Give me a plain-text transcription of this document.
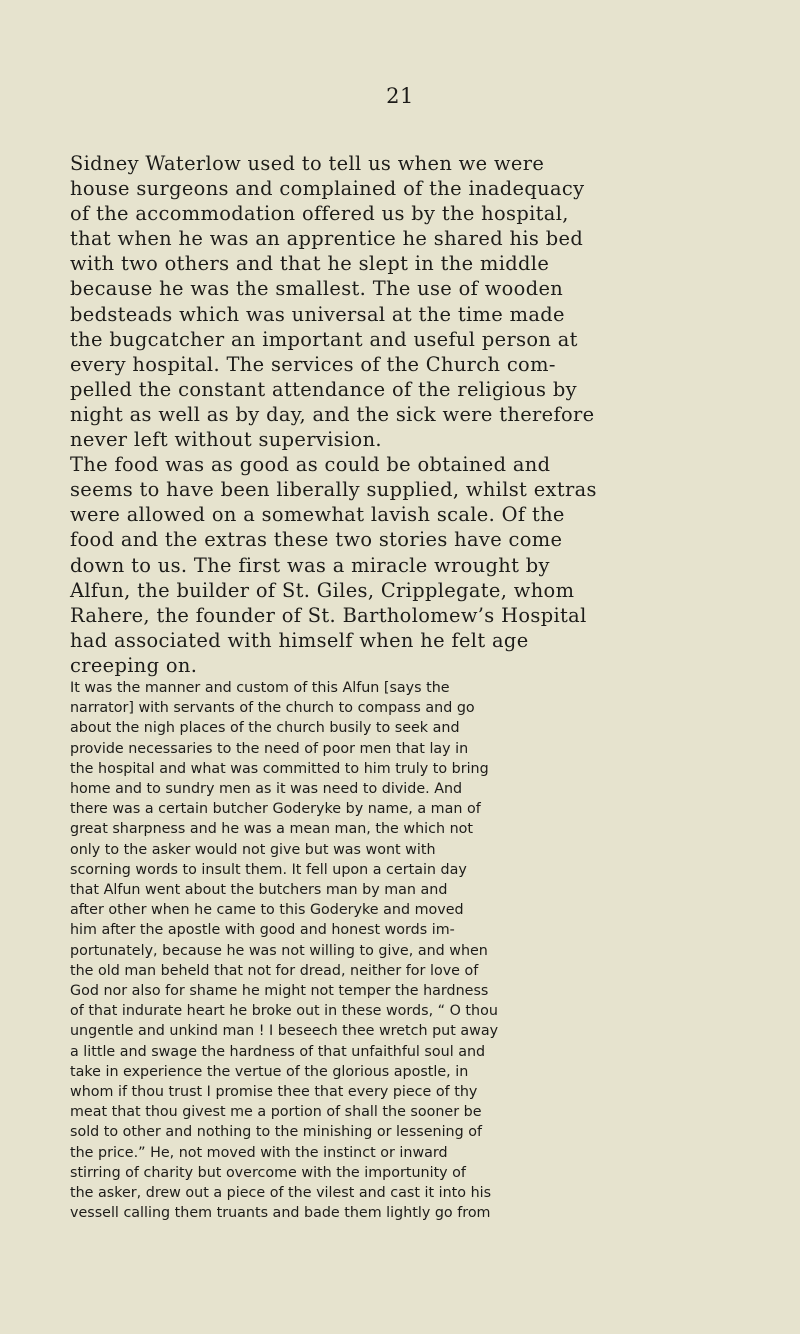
21
Sidney Waterlow used to tell us when we were
house surgeons and complained of the inadequacy
of the accommodation offered us by the hospital,
that when he was an apprentice he shared his bed
with two others and that he slept in the middle
because he was the smallest. The use of wooden
bedsteads which was universal at the time made
the bugcatcher an important and useful person at
every hospital. The services of the Church com-
pelled the constant attendance of the religious by
night as well as by day, and the sick were therefore
never left without supervision.
The food was as good as could be obtained and
seems to have been liberally supplied, whilst extras
were allowed on a somewhat lavish scale. Of the
food and the extras these two stories have come
down to us. The first was a miracle wrought by
Alfun, the builder of St. Giles, Cripplegate, whom
Rahere, the founder of St. Bartholomew’s Hospital
had associated with himself when he felt age
creeping on.
It was the manner and custom of this Alfun [says the
narrator] with servants of the church to compass and go
about the nigh places of the church busily to seek and
provide necessaries to the need of poor men that lay in
the hospital and what was committed to him truly to bring
home and to sundry men as it was need to divide. And
there was a certain butcher Goderyke by name, a man of
great sharpness and he was a mean man, the which not
only to the asker would not give but was wont with
scorning words to insult them. It fell upon a certain day
that Alfun went about the butchers man by man and
after other when he came to this Goderyke and moved
him after the apostle with good and honest words im-
portunately, because he was not willing to give, and when
the old man beheld that not for dread, neither for love of
God nor also for shame he might not temper the hardness
of that indurate heart he broke out in these words, “ O thou
ungentle and unkind man ! I beseech thee wretch put away
a little and swage the hardness of that unfaithful soul and
take in experience the vertue of the glorious apostle, in
whom if thou trust I promise thee that every piece of thy
meat that thou givest me a portion of shall the sooner be
sold to other and nothing to the minishing or lessening of
the price.” He, not moved with the instinct or inward
stirring of charity but overcome with the importunity of
the asker, drew out a piece of the vilest and cast it into his
vessell calling them truants and bade them lightly go from
